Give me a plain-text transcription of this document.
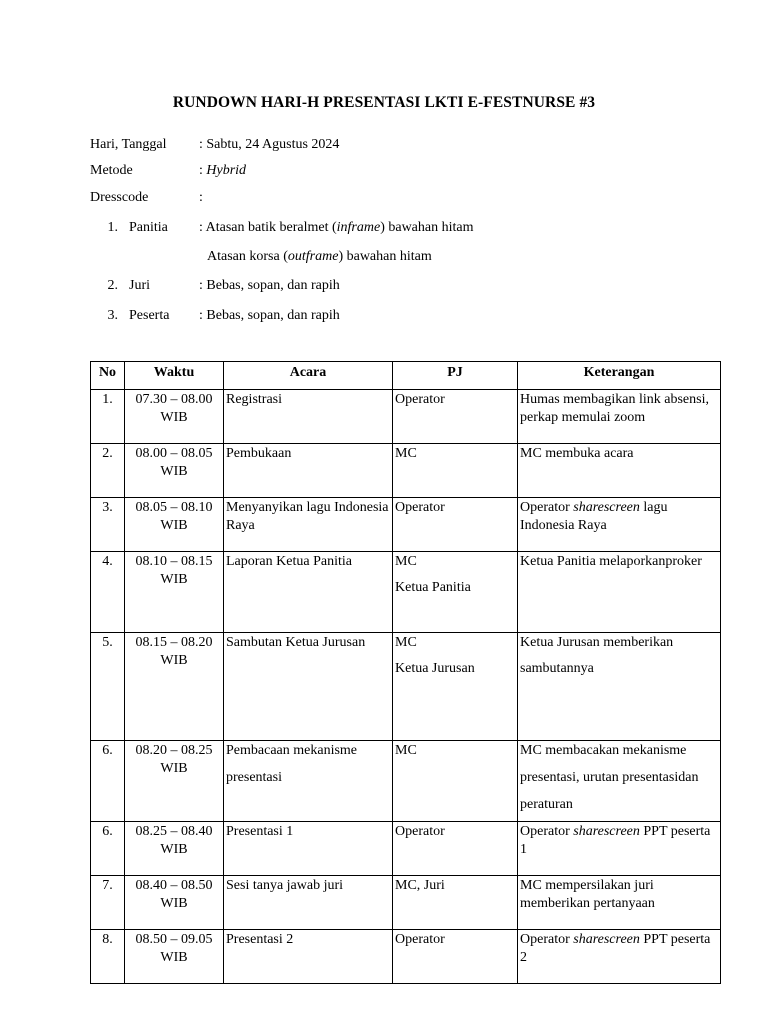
RUNDOWN HARI-H PRESENTASI LKTI E-FESTNURSE #3
Hari, Tanggal : Sabtu, 24 Agustus 2024
Metode	: Hybrid
Dresscode	:
1. Panitia : Atasan batik beralmet (inframe) bawahan hitam
Atasan korsa (outframe) bawahan hitam
2. Juri	: Bebas, sopan, dan rapih
3. Peserta : Bebas, sopan, dan rapih
No	Waktu	Acara	PJ	Keterangan
1.	07.30 – 08.00
WIB	Registrasi	Operator	Humas membagikan link absensi, perkap memulai zoom
2.	08.00 – 08.05
WIB	Pembukaan	MC	MC membuka acara
3.	08.05 – 08.10
WIB	Menyanyikan lagu Indonesia Raya	Operator	Operator sharescreen lagu Indonesia Raya
4.	08.10 – 08.15
WIB	Laporan Ketua Panitia	MC
Ketua Panitia	Ketua Panitia melaporkanproker
5.	08.15 – 08.20
WIB	Sambutan Ketua Jurusan	MC
Ketua Jurusan	Ketua Jurusan memberikan
sambutannya

6.	08.20 – 08.25
WIB	Pembacaan mekanisme
presentasi	MC	MC membacakan mekanisme
presentasi, urutan presentasidan
peraturan

6.	08.25 – 08.40
WIB	Presentasi 1	Operator	Operator sharescreen PPT peserta 1
7.	08.40 – 08.50
WIB	Sesi tanya jawab juri	MC, Juri	MC mempersilakan juri memberikan pertanyaan
8.	08.50 – 09.05
WIB	Presentasi 2	Operator	Operator sharescreen PPT peserta 2
